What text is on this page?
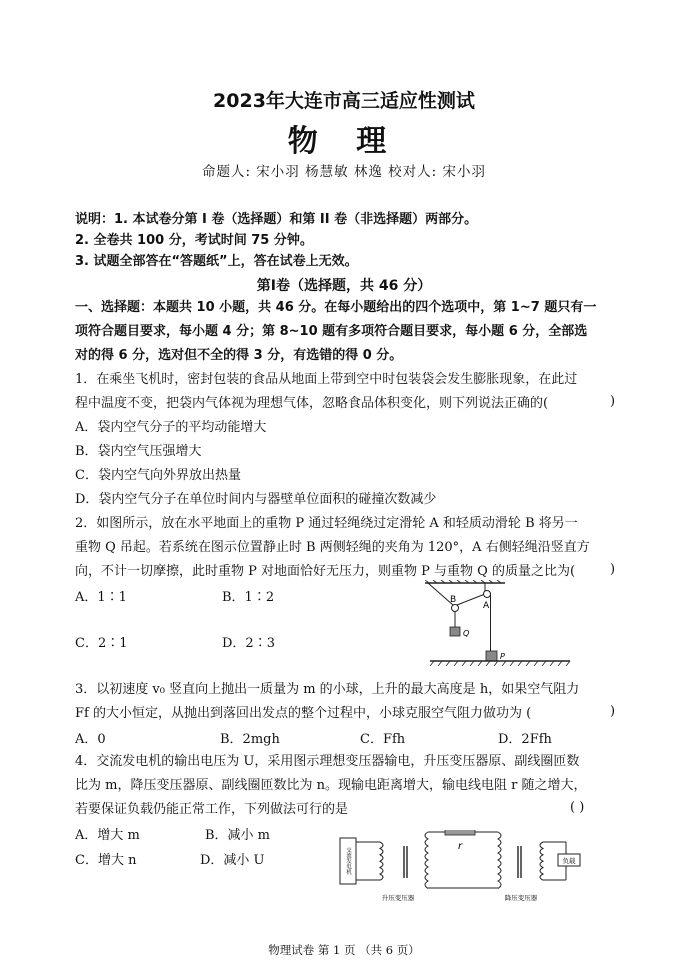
2023年大连市高三适应性测试
物 理
命题人: 宋小羽 杨慧敏 林逸 校对人: 宋小羽
说明：1. 本试卷分第 I 卷（选择题）和第 II 卷（非选择题）两部分。
2. 全卷共 100 分，考试时间 75 分钟。
3. 试题全部答在“答题纸”上，答在试卷上无效。
第Ⅰ卷（选择题，共 46 分）
一、选择题：本题共 10 小题，共 46 分。在每小题给出的四个选项中，第 1~7 题只有一
项符合题目要求，每小题 4 分；第 8~10 题有多项符合题目要求，每小题 6 分，全部选
对的得 6 分，选对但不全的得 3 分，有选错的得 0 分。
1．在乘坐飞机时，密封包装的食品从地面上带到空中时包装袋会发生膨胀现象，在此过
程中温度不变，把袋内气体视为理想气体，忽略食品体积变化，则下列说法正确的(	)
A．袋内空气分子的平均动能增大
B．袋内空气压强增大
C．袋内空气向外界放出热量
D．袋内空气分子在单位时间内与器壁单位面积的碰撞次数减少
2．如图所示，放在水平地面上的重物 P 通过轻绳绕过定滑轮 A 和轻质动滑轮 B 将另一
重物 Q 吊起。若系统在图示位置静止时 B 两侧轻绳的夹角为 120°，A 右侧轻绳沿竖直方
向，不计一切摩擦，此时重物 P 对地面恰好无压力，则重物 P 与重物 Q 的质量之比为(	)
A．1∶1	B．1∶2
C．2∶1	D．2∶3
A
B
Q
P
3．以初速度 v₀ 竖直向上抛出一质量为 m 的小球，上升的最大高度是 h，如果空气阻力
Ff 的大小恒定，从抛出到落回出发点的整个过程中，小球克服空气阻力做功为 (	)
A．0	B．2mgh	C．Ffh	D．2Ffh
4．交流发电机的输出电压为 U，采用图示理想变压器输电，升压变压器原、副线圈匝数
比为 m，降压变压器原、副线圈匝数比为 n。现输电距离增大，输电线电阻 r 随之增大，
若要保证负载仍能正常工作，下列做法可行的是	( )
A．增大 m	B．减小 m
C．增大 n	D．减小 U	交流发电机
r
负载
升压变压器	降压变压器
物理试卷 第 1 页 （共 6 页）
